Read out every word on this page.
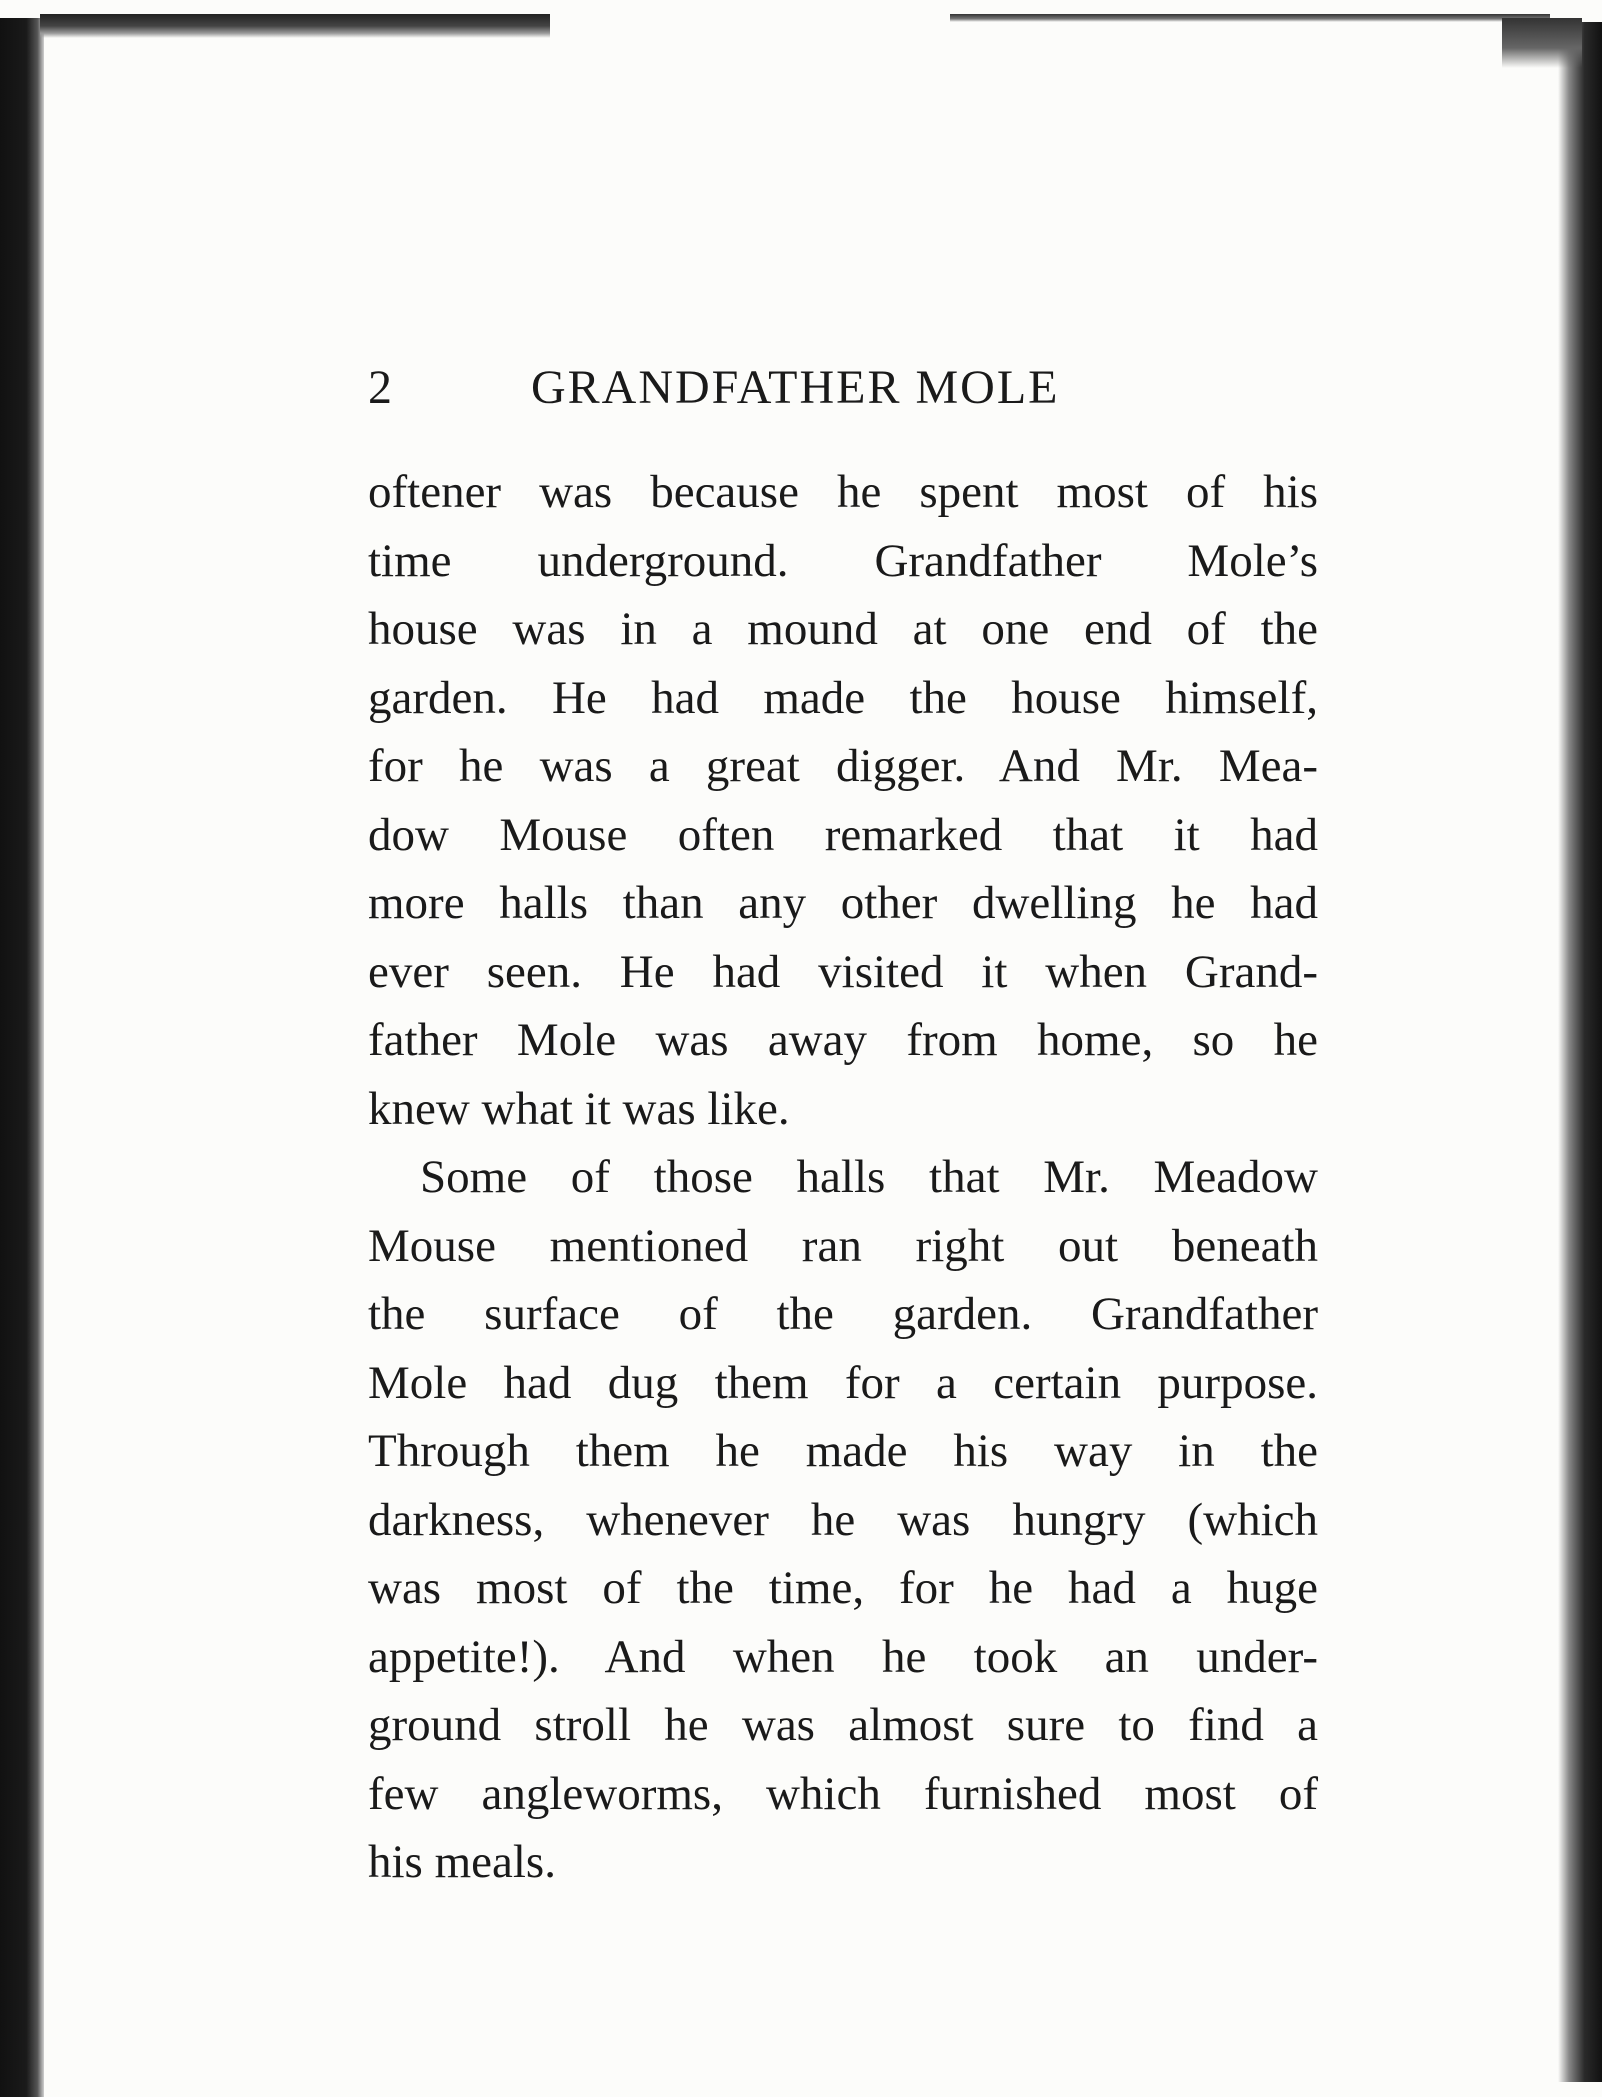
2	GRANDFATHER MOLE
oftener was because he spent most of his
time underground. Grandfather Mole’s
house was in a mound at one end of the
garden. He had made the house himself,
for he was a great digger. And Mr. Mea-
dow Mouse often remarked that it had
more halls than any other dwelling he had
ever seen. He had visited it when Grand-
father Mole was away from home, so he
knew what it was like.
Some of those halls that Mr. Meadow
Mouse mentioned ran right out beneath
the surface of the garden. Grandfather
Mole had dug them for a certain purpose.
Through them he made his way in the
darkness, whenever he was hungry (which
was most of the time, for he had a huge
appetite!). And when he took an under-
ground stroll he was almost sure to find a
few angleworms, which furnished most of
his meals.
